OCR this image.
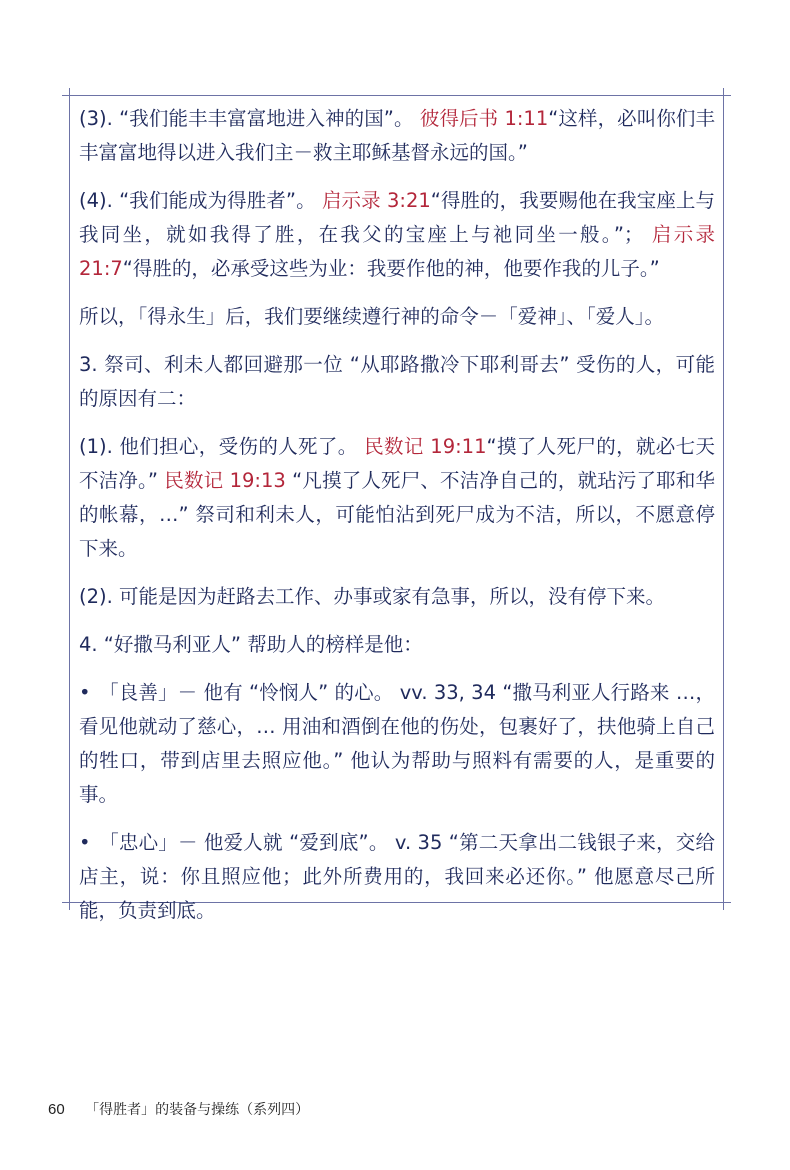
(3). “我们能丰丰富富地进入神的国”。 彼得后书 1:11“这样，必叫你们丰丰富富地得以进入我们主－救主耶稣基督永远的国。”

(4). “我们能成为得胜者”。 启示录 3:21“得胜的，我要赐他在我宝座上与我同坐，就如我得了胜，在我父的宝座上与祂同坐一般。”； 启示录 21:7“得胜的，必承受这些为业：我要作他的神，他要作我的儿子。”

所以，「得永生」后，我们要继续遵行神的命令－「爱神」、「爱人」。

3. 祭司、利未人都回避那一位 “从耶路撒冷下耶利哥去” 受伤的人，可能的原因有二：

(1). 他们担心，受伤的人死了。 民数记 19:11“摸了人死尸的，就必七天不洁净。” 民数记 19:13 “凡摸了人死尸、不洁净自己的，就玷污了耶和华的帐幕，…” 祭司和利未人，可能怕沾到死尸成为不洁，所以，不愿意停下来。

(2). 可能是因为赶路去工作、办事或家有急事，所以，没有停下来。

4. “好撒马利亚人” 帮助人的榜样是他：

• 「良善」－ 他有 “怜悯人” 的心。 vv. 33, 34 “撒马利亚人行路来 …，看见他就动了慈心，… 用油和酒倒在他的伤处，包裹好了，扶他骑上自己的牲口，带到店里去照应他。” 他认为帮助与照料有需要的人，是重要的事。

• 「忠心」－ 他爱人就 “爱到底”。 v. 35 “第二天拿出二钱银子来，交给店主，说：你且照应他；此外所费用的，我回来必还你。” 他愿意尽己所能，负责到底。

60 「得胜者」的装备与操练（系列四）
